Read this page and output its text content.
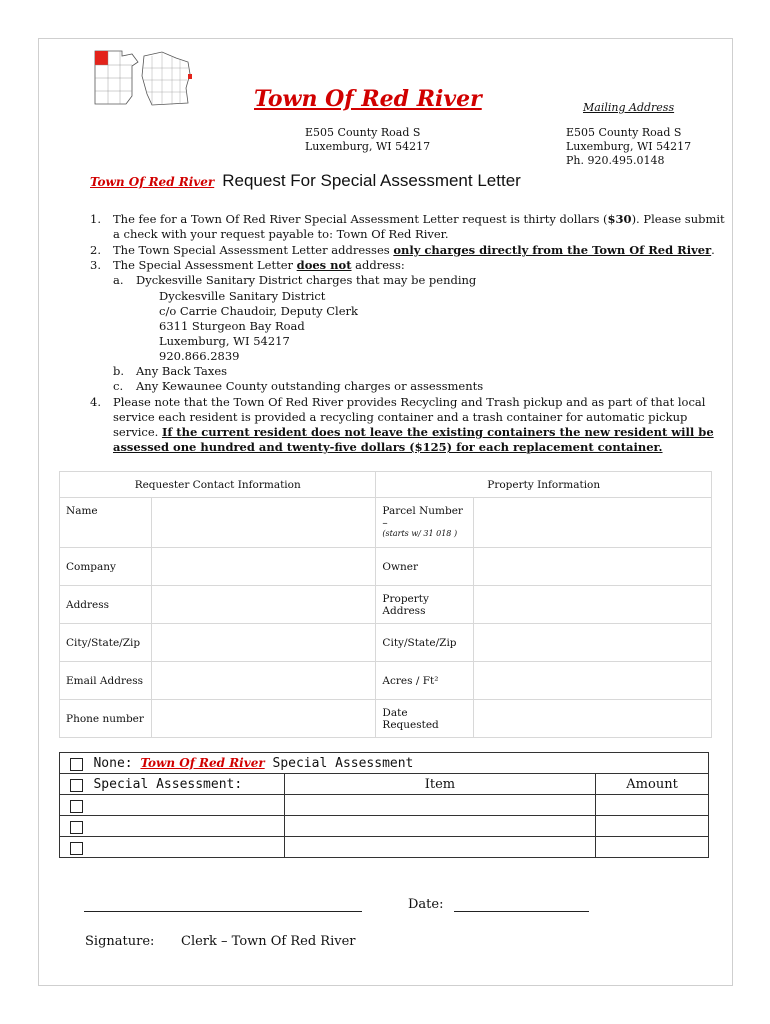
Town Of Red River	Mailing Address
E505 County Road S
Luxemburg, WI 54217
E505 County Road S
Luxemburg, WI 54217
Ph. 920.495.0148
Town Of Red River Request For Special Assessment Letter
1. The fee for a Town Of Red River Special Assessment Letter request is thirty dollars ($30). Please submit
a check with your request payable to: Town Of Red River.
2. The Town Special Assessment Letter addresses only charges directly from the Town Of Red River.
3. The Special Assessment Letter does not address:
a. Dyckesville Sanitary District charges that may be pending
Dyckesville Sanitary District
c/o Carrie Chaudoir, Deputy Clerk
6311 Sturgeon Bay Road
Luxemburg, WI 54217
920.866.2839
b. Any Back Taxes
c. Any Kewaunee County outstanding charges or assessments
4. Please note that the Town Of Red River provides Recycling and Trash pickup and as part of that local
service each resident is provided a recycling container and a trash container for automatic pickup
service. If the current resident does not leave the existing containers the new resident will be
assessed one hundred and twenty-five dollars ($125) for each replacement container.
Requester Contact Information		Property Information	
Name		Parcel Number –
(starts w/ 31 018 )	

Company		Owner	
Address		Property Address	
City/State/Zip		City/State/Zip	
Email Address		Acres / Ft²	
Phone number		Date Requested	
	None: Town Of Red River Special Assessment		
	Special Assessment:	Item	Amount

Date:
Signature: Clerk – Town Of Red River
